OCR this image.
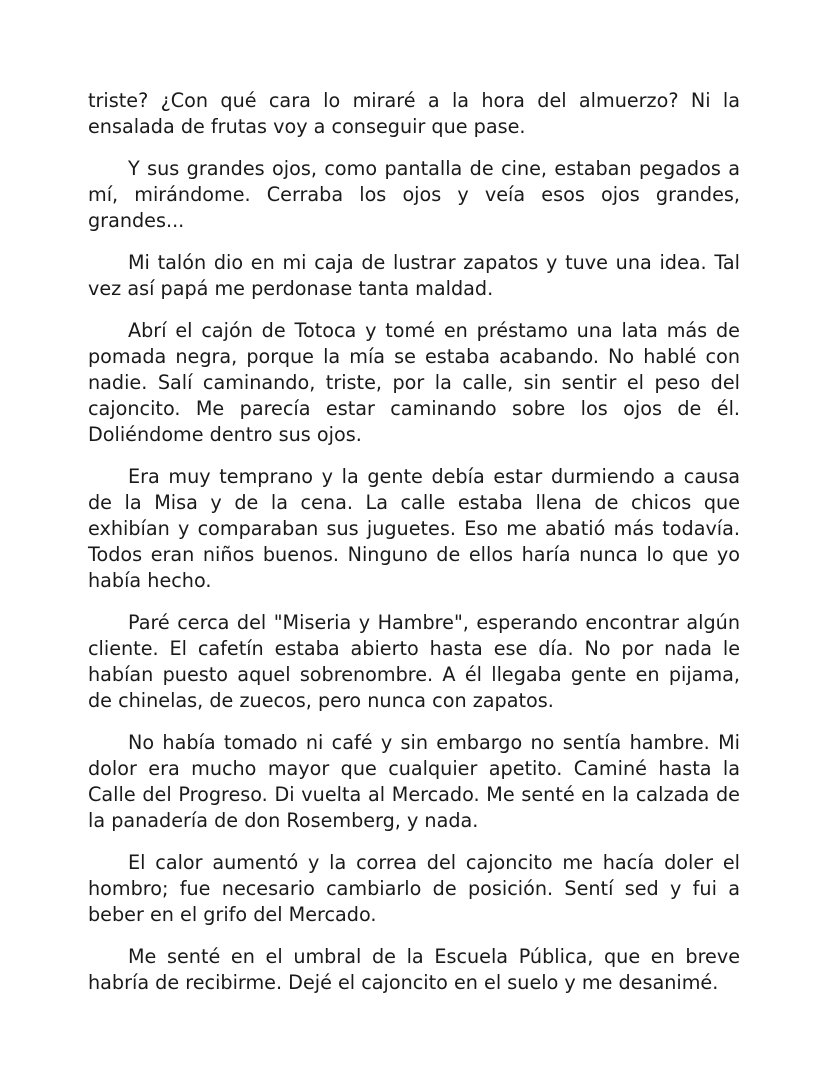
triste? ¿Con qué cara lo miraré a la hora del almuerzo? Ni la ensalada de frutas voy a conseguir que pase.

Y sus grandes ojos, como pantalla de cine, estaban pegados a mí, mirándome. Cerraba los ojos y veía esos ojos grandes, grandes...

Mi talón dio en mi caja de lustrar zapatos y tuve una idea. Tal vez así papá me perdonase tanta maldad.

Abrí el cajón de Totoca y tomé en préstamo una lata más de pomada negra, porque la mía se estaba acabando. No hablé con nadie. Salí caminando, triste, por la calle, sin sentir el peso del cajoncito. Me parecía estar caminando sobre los ojos de él. Doliéndome dentro sus ojos.

Era muy temprano y la gente debía estar durmiendo a causa de la Misa y de la cena. La calle estaba llena de chicos que exhibían y comparaban sus juguetes. Eso me abatió más todavía. Todos eran niños buenos. Ninguno de ellos haría nunca lo que yo había hecho.

Paré cerca del "Miseria y Hambre", esperando encontrar algún cliente. El cafetín estaba abierto hasta ese día. No por nada le habían puesto aquel sobrenombre. A él llegaba gente en pijama, de chinelas, de zuecos, pero nunca con zapatos.

No había tomado ni café y sin embargo no sentía hambre. Mi dolor era mucho mayor que cualquier apetito. Caminé hasta la Calle del Progreso. Di vuelta al Mercado. Me senté en la calzada de la panadería de don Rosemberg, y nada.

El calor aumentó y la correa del cajoncito me hacía doler el hombro; fue necesario cambiarlo de posición. Sentí sed y fui a beber en el grifo del Mercado.

Me senté en el umbral de la Escuela Pública, que en breve habría de recibirme. Dejé el cajoncito en el suelo y me desanimé.
